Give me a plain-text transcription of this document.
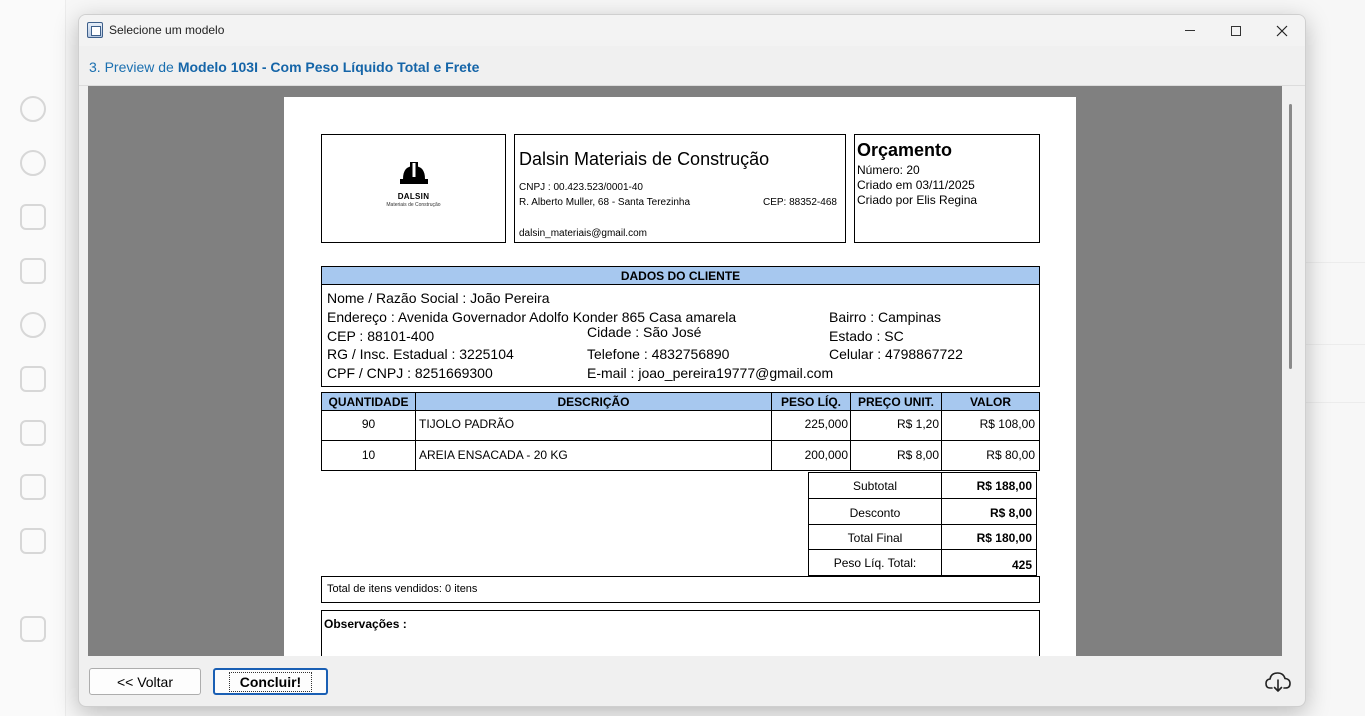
Selecione um modelo
3. Preview de Modelo 103I - Com Peso Líquido Total e Frete
DALSIN
Materiais de Construção
Dalsin Materiais de Construção
CNPJ : 00.423.523/0001-40
R. Alberto Muller, 68 - Santa Terezinha	CEP: 88352-468
dalsin_materiais@gmail.com
Orçamento
Número: 20
Criado em 03/11/2025
Criado por Elis Regina
DADOS DO CLIENTE
Nome / Razão Social : João Pereira
Endereço : Avenida Governador Adolfo Konder 865 Casa amarela	Bairro : Campinas
CEP : 88101-400	Cidade : São José	Estado : SC
RG / Insc. Estadual : 3225104	Telefone : 4832756890	Celular : 4798867722
CPF / CNPJ : 8251669300	E-mail : joao_pereira19777@gmail.com
QUANTIDADE	DESCRIÇÃO	PESO LÍQ.	PREÇO UNIT.	VALOR
90	TIJOLO PADRÃO	225,000	R$ 1,20	R$ 108,00
10	AREIA ENSACADA - 20 KG	200,000	R$ 8,00	R$ 80,00
Subtotal	R$ 188,00
Desconto	R$ 8,00
Total Final	R$ 180,00
Peso Líq. Total:	425
Total de itens vendidos: 0 itens
Observações :
<< Voltar	Concluir!
